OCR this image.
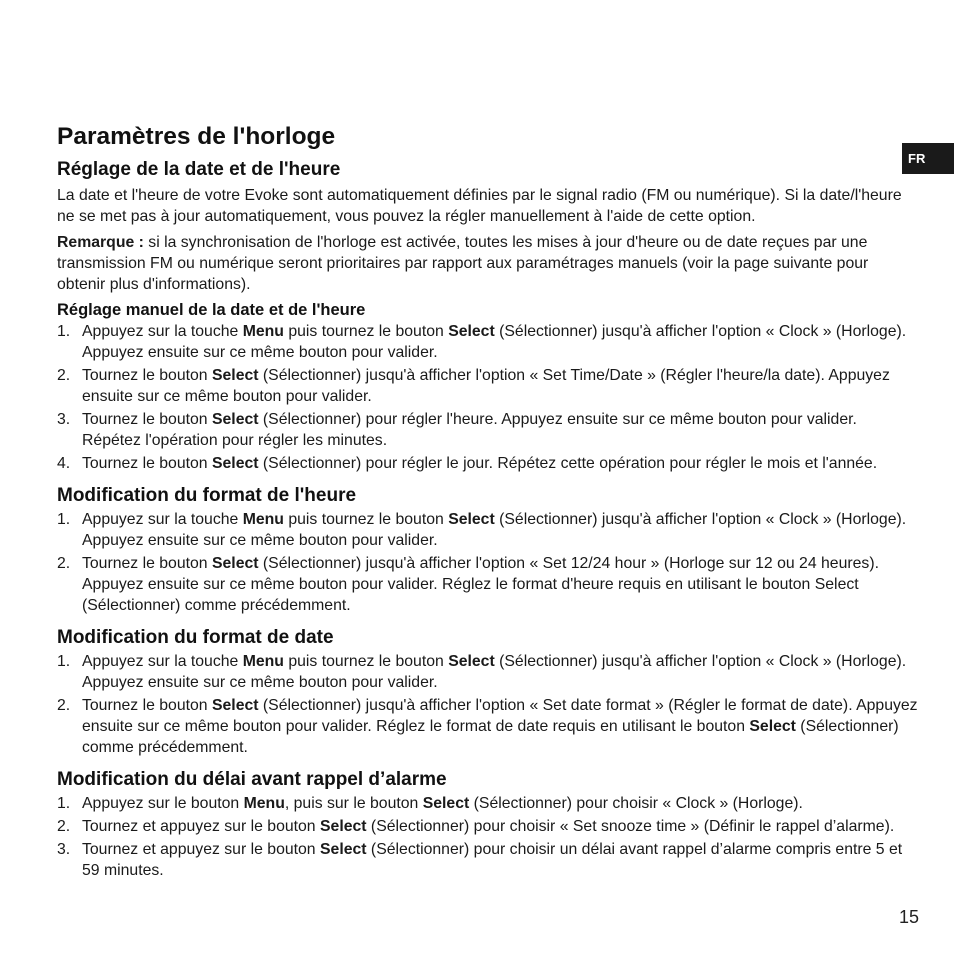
FR
Paramètres de l'horloge
Réglage de la date et de l'heure

La date et l'heure de votre Evoke sont automatiquement définies par le signal radio (FM ou numérique). Si la date/l'heure ne se met pas à jour automatiquement, vous pouvez la régler manuellement à l'aide de cette option.

Remarque : si la synchronisation de l'horloge est activée, toutes les mises à jour d'heure ou de date reçues par une transmission FM ou numérique seront prioritaires par rapport aux paramétrages manuels (voir la page suivante pour obtenir plus d'informations).

Réglage manuel de la date et de l'heure
1. Appuyez sur la touche Menu puis tournez le bouton Select (Sélectionner) jusqu'à afficher l'option « Clock » (Horloge). Appuyez ensuite sur ce même bouton pour valider.
2. Tournez le bouton Select (Sélectionner) jusqu'à afficher l'option « Set Time/Date » (Régler l'heure/la date). Appuyez ensuite sur ce même bouton pour valider.
3. Tournez le bouton Select (Sélectionner) pour régler l'heure. Appuyez ensuite sur ce même bouton pour valider. Répétez l'opération pour régler les minutes.
4. Tournez le bouton Select (Sélectionner) pour régler le jour. Répétez cette opération pour régler le mois et l'année.
Modification du format de l'heure
1. Appuyez sur la touche Menu puis tournez le bouton Select (Sélectionner) jusqu'à afficher l'option « Clock » (Horloge). Appuyez ensuite sur ce même bouton pour valider.
2. Tournez le bouton Select (Sélectionner) jusqu'à afficher l'option « Set 12/24 hour » (Horloge sur 12 ou 24 heures). Appuyez ensuite sur ce même bouton pour valider. Réglez le format d'heure requis en utilisant le bouton Select (Sélectionner) comme précédemment.
Modification du format de date
1. Appuyez sur la touche Menu puis tournez le bouton Select (Sélectionner) jusqu'à afficher l'option « Clock » (Horloge). Appuyez ensuite sur ce même bouton pour valider.
2. Tournez le bouton Select (Sélectionner) jusqu'à afficher l'option « Set date format » (Régler le format de date). Appuyez ensuite sur ce même bouton pour valider. Réglez le format de date requis en utilisant le bouton Select (Sélectionner) comme précédemment.
Modification du délai avant rappel d’alarme
1. Appuyez sur le bouton Menu, puis sur le bouton Select (Sélectionner) pour choisir « Clock » (Horloge).
2. Tournez et appuyez sur le bouton Select (Sélectionner) pour choisir « Set snooze time » (Définir le rappel d’alarme).
3. Tournez et appuyez sur le bouton Select (Sélectionner) pour choisir un délai avant rappel d’alarme compris entre 5 et 59 minutes.
15
